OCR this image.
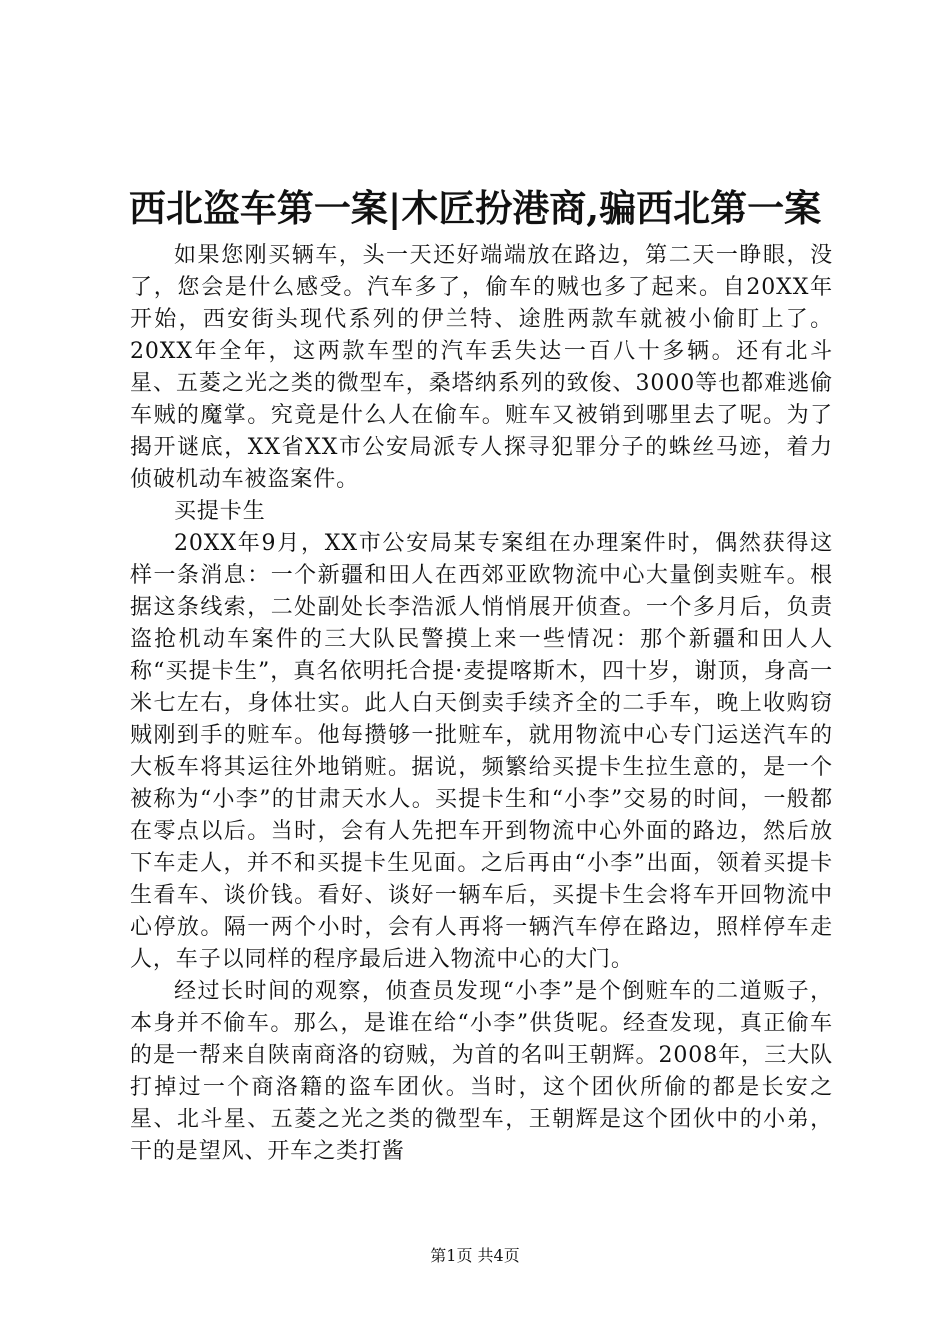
西北盗车第一案|木匠扮港商,骗西北第一案

如果您刚买辆车，头一天还好端端放在路边，第二天一睁眼，没了，您会是什么感受。汽车多了，偷车的贼也多了起来。自20XX年开始，西安街头现代系列的伊兰特、途胜两款车就被小偷盯上了。20XX年全年，这两款车型的汽车丢失达一百八十多辆。还有北斗星、五菱之光之类的微型车，桑塔纳系列的致俊、3000等也都难逃偷车贼的魔掌。究竟是什么人在偷车。赃车又被销到哪里去了呢。为了揭开谜底，XX省XX市公安局派专人探寻犯罪分子的蛛丝马迹，着力侦破机动车被盗案件。

买提卡生

20XX年9月，XX市公安局某专案组在办理案件时，偶然获得这样一条消息：一个新疆和田人在西郊亚欧物流中心大量倒卖赃车。根据这条线索，二处副处长李浩派人悄悄展开侦查。一个多月后，负责盗抢机动车案件的三大队民警摸上来一些情况：那个新疆和田人人称“买提卡生”，真名依明托合提·麦提喀斯木，四十岁，谢顶，身高一米七左右，身体壮实。此人白天倒卖手续齐全的二手车，晚上收购窃贼刚到手的赃车。他每攒够一批赃车，就用物流中心专门运送汽车的大板车将其运往外地销赃。据说，频繁给买提卡生拉生意的，是一个被称为“小李”的甘肃天水人。买提卡生和“小李”交易的时间，一般都在零点以后。当时，会有人先把车开到物流中心外面的路边，然后放下车走人，并不和买提卡生见面。之后再由“小李”出面，领着买提卡生看车、谈价钱。看好、谈好一辆车后，买提卡生会将车开回物流中心停放。隔一两个小时，会有人再将一辆汽车停在路边，照样停车走人，车子以同样的程序最后进入物流中心的大门。

经过长时间的观察，侦查员发现“小李”是个倒赃车的二道贩子，本身并不偷车。那么，是谁在给“小李”供货呢。经查发现，真正偷车的是一帮来自陕南商洛的窃贼，为首的名叫王朝辉。2008年，三大队打掉过一个商洛籍的盗车团伙。当时，这个团伙所偷的都是长安之星、北斗星、五菱之光之类的微型车，王朝辉是这个团伙中的小弟，干的是望风、开车之类打酱

第1页 共4页
